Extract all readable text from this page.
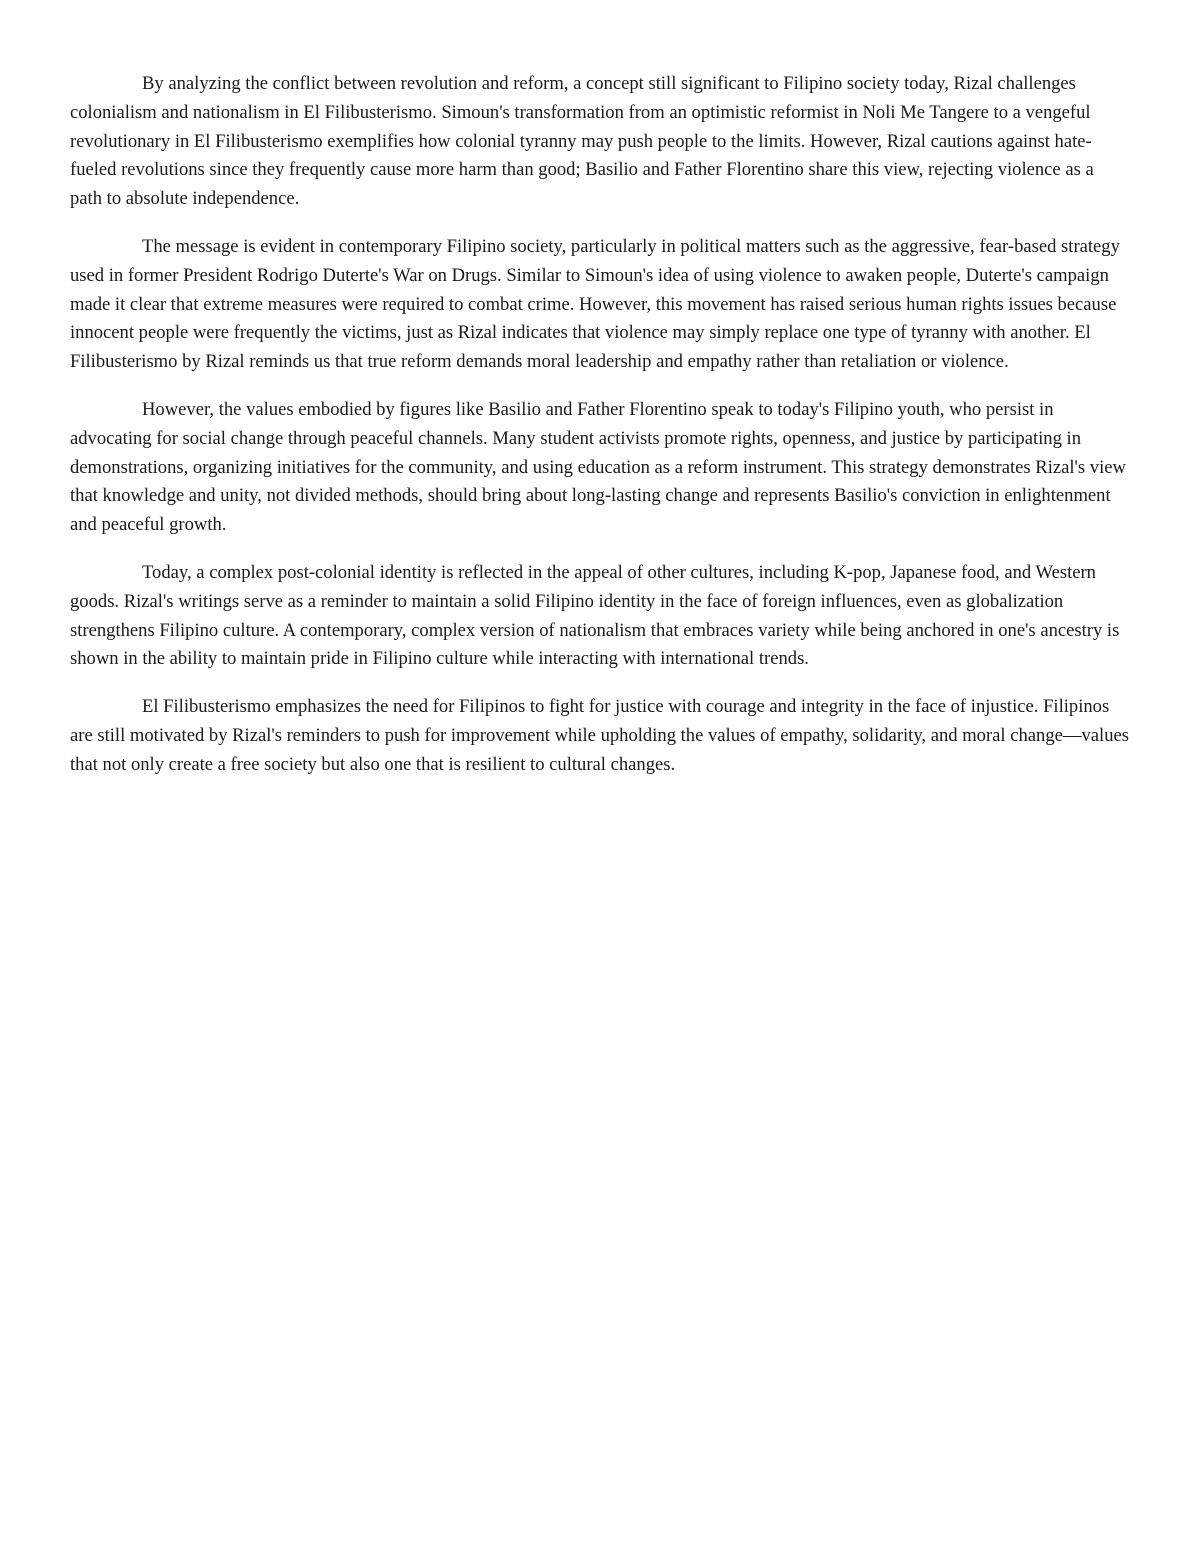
By analyzing the conflict between revolution and reform, a concept still significant to Filipino society today, Rizal challenges colonialism and nationalism in El Filibusterismo. Simoun's transformation from an optimistic reformist in Noli Me Tangere to a vengeful revolutionary in El Filibusterismo exemplifies how colonial tyranny may push people to the limits. However, Rizal cautions against hate-fueled revolutions since they frequently cause more harm than good; Basilio and Father Florentino share this view, rejecting violence as a path to absolute independence.

The message is evident in contemporary Filipino society, particularly in political matters such as the aggressive, fear-based strategy used in former President Rodrigo Duterte's War on Drugs. Similar to Simoun's idea of using violence to awaken people, Duterte's campaign made it clear that extreme measures were required to combat crime. However, this movement has raised serious human rights issues because innocent people were frequently the victims, just as Rizal indicates that violence may simply replace one type of tyranny with another. El Filibusterismo by Rizal reminds us that true reform demands moral leadership and empathy rather than retaliation or violence.

However, the values embodied by figures like Basilio and Father Florentino speak to today's Filipino youth, who persist in advocating for social change through peaceful channels. Many student activists promote rights, openness, and justice by participating in demonstrations, organizing initiatives for the community, and using education as a reform instrument. This strategy demonstrates Rizal's view that knowledge and unity, not divided methods, should bring about long-lasting change and represents Basilio's conviction in enlightenment and peaceful growth.

Today, a complex post-colonial identity is reflected in the appeal of other cultures, including K-pop, Japanese food, and Western goods. Rizal's writings serve as a reminder to maintain a solid Filipino identity in the face of foreign influences, even as globalization strengthens Filipino culture. A contemporary, complex version of nationalism that embraces variety while being anchored in one's ancestry is shown in the ability to maintain pride in Filipino culture while interacting with international trends.

El Filibusterismo emphasizes the need for Filipinos to fight for justice with courage and integrity in the face of injustice. Filipinos are still motivated by Rizal's reminders to push for improvement while upholding the values of empathy, solidarity, and moral change—values that not only create a free society but also one that is resilient to cultural changes.
